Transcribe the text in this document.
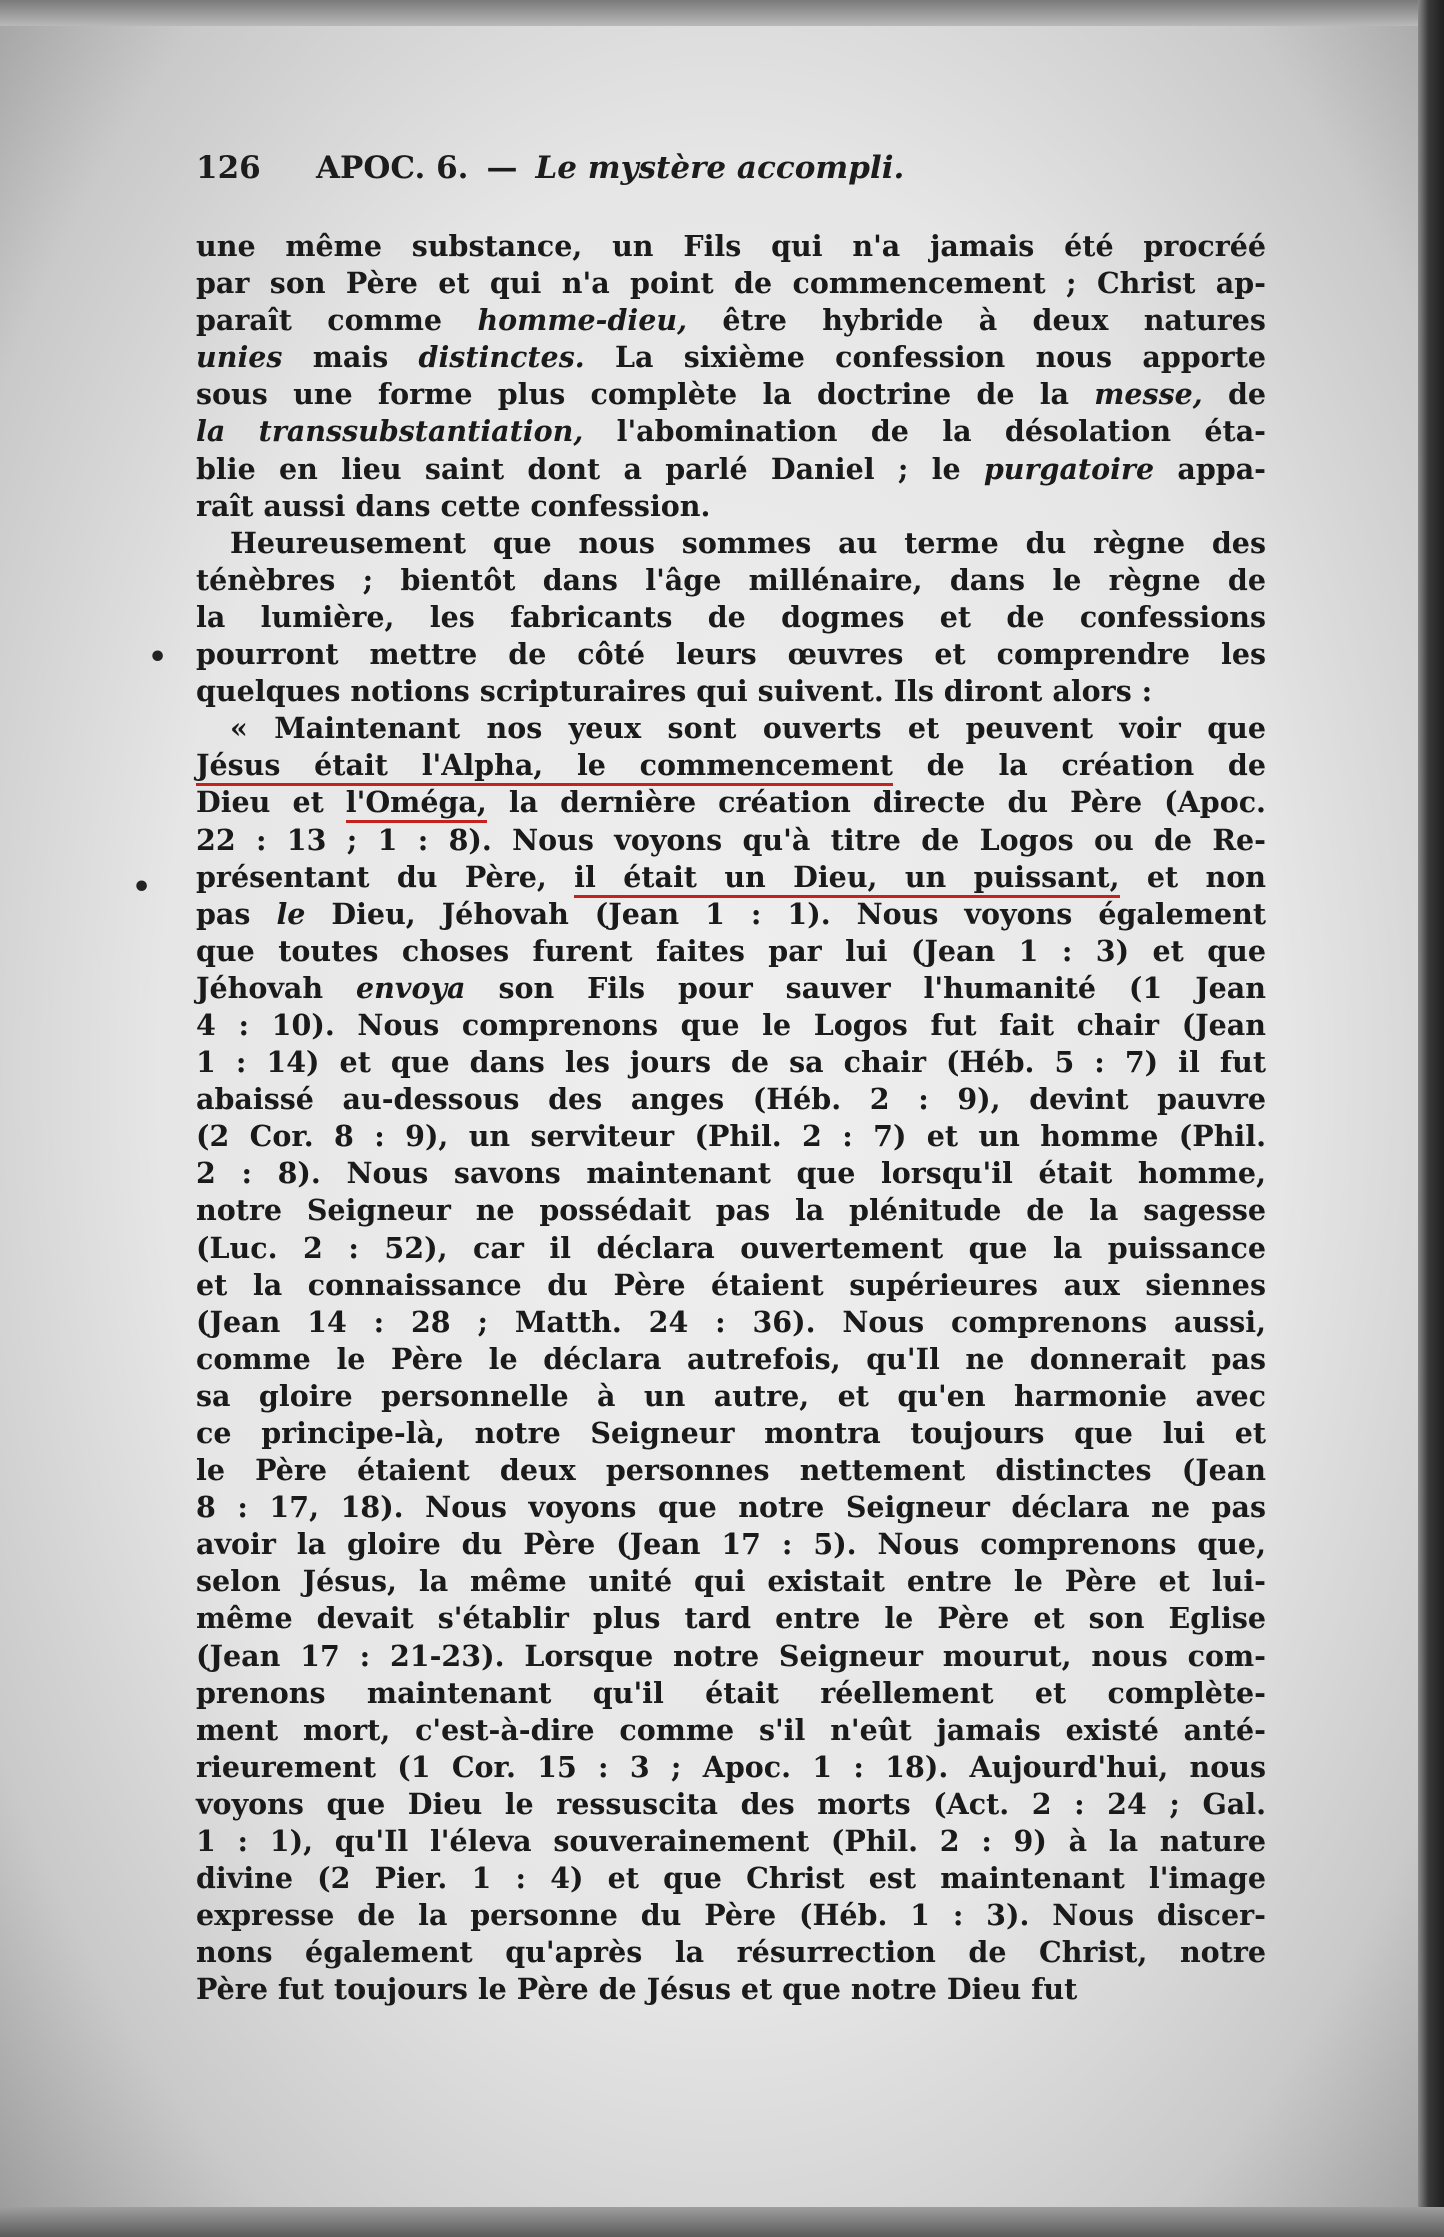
126 APOC. 6. — Le mystère accompli.
•
•

une même substance, un Fils qui n'a jamais été procréé
par son Père et qui n'a point de commencement ; Christ ap-
paraît comme homme-dieu, être hybride à deux natures
unies mais distinctes. La sixième confession nous apporte
sous une forme plus complète la doctrine de la messe, de
la transsubstantiation, l'abomination de la désolation éta-
blie en lieu saint dont a parlé Daniel ; le purgatoire appa-
raît aussi dans cette confession.

Heureusement que nous sommes au terme du règne des
ténèbres ; bientôt dans l'âge millénaire, dans le règne de
la lumière, les fabricants de dogmes et de confessions
pourront mettre de côté leurs œuvres et comprendre les
quelques notions scripturaires qui suivent. Ils diront alors :

« Maintenant nos yeux sont ouverts et peuvent voir que
Jésus était l'Alpha, le commencement de la création de
Dieu et l'Oméga, la dernière création directe du Père (Apoc.
22 : 13 ; 1 : 8). Nous voyons qu'à titre de Logos ou de Re-
présentant du Père, il était un Dieu, un puissant, et non
pas le Dieu, Jéhovah (Jean 1 : 1). Nous voyons également
que toutes choses furent faites par lui (Jean 1 : 3) et que
Jéhovah envoya son Fils pour sauver l'humanité (1 Jean
4 : 10). Nous comprenons que le Logos fut fait chair (Jean
1 : 14) et que dans les jours de sa chair (Héb. 5 : 7) il fut
abaissé au-dessous des anges (Héb. 2 : 9), devint pauvre
(2 Cor. 8 : 9), un serviteur (Phil. 2 : 7) et un homme (Phil.
2 : 8). Nous savons maintenant que lorsqu'il était homme,
notre Seigneur ne possédait pas la plénitude de la sagesse
(Luc. 2 : 52), car il déclara ouvertement que la puissance
et la connaissance du Père étaient supérieures aux siennes
(Jean 14 : 28 ; Matth. 24 : 36). Nous comprenons aussi,
comme le Père le déclara autrefois, qu'Il ne donnerait pas
sa gloire personnelle à un autre, et qu'en harmonie avec
ce principe-là, notre Seigneur montra toujours que lui et
le Père étaient deux personnes nettement distinctes (Jean
8 : 17, 18). Nous voyons que notre Seigneur déclara ne pas
avoir la gloire du Père (Jean 17 : 5). Nous comprenons que,
selon Jésus, la même unité qui existait entre le Père et lui-
même devait s'établir plus tard entre le Père et son Eglise
(Jean 17 : 21-23). Lorsque notre Seigneur mourut, nous com-
prenons maintenant qu'il était réellement et complète-
ment mort, c'est-à-dire comme s'il n'eût jamais existé anté-
rieurement (1 Cor. 15 : 3 ; Apoc. 1 : 18). Aujourd'hui, nous
voyons que Dieu le ressuscita des morts (Act. 2 : 24 ; Gal.
1 : 1), qu'Il l'éleva souverainement (Phil. 2 : 9) à la nature
divine (2 Pier. 1 : 4) et que Christ est maintenant l'image
expresse de la personne du Père (Héb. 1 : 3). Nous discer-
nons également qu'après la résurrection de Christ, notre
Père fut toujours le Père de Jésus et que notre Dieu fut
